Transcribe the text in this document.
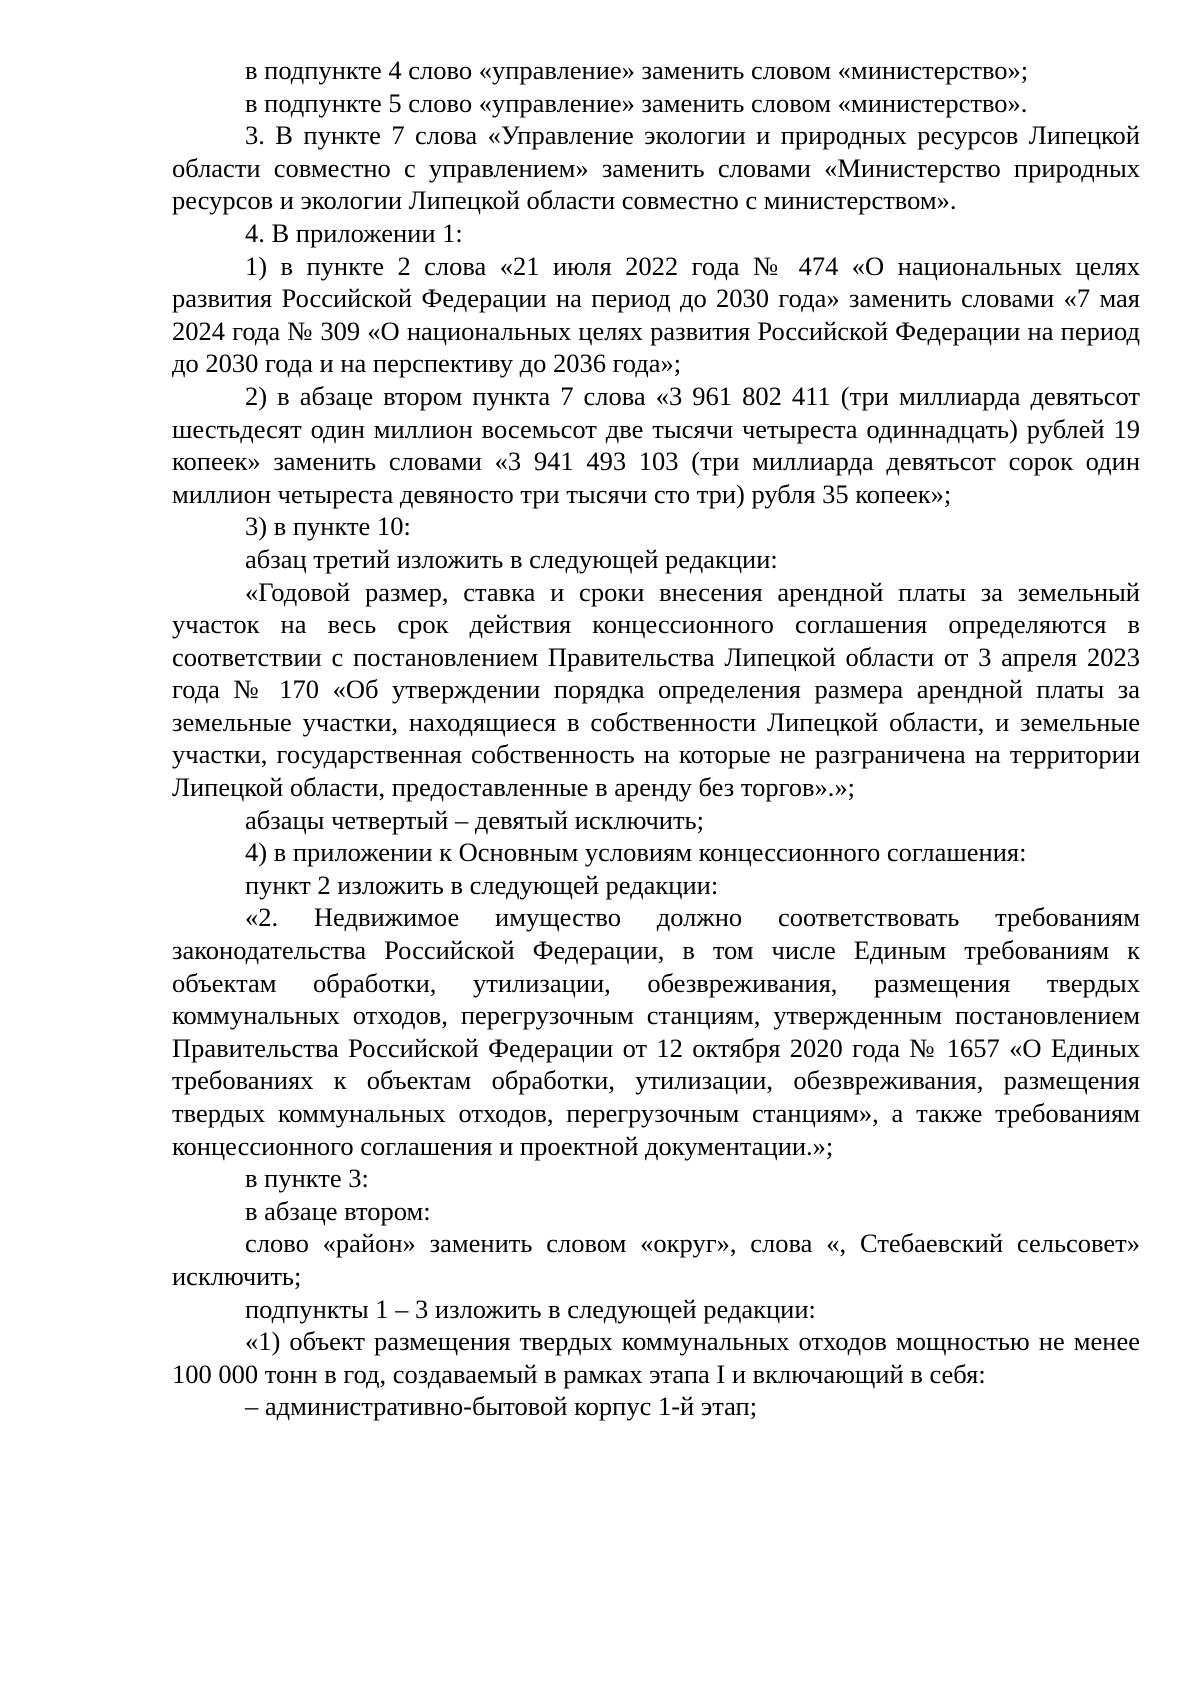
в подпункте 4 слово «управление» заменить словом «министерство»;

в подпункте 5 слово «управление» заменить словом «министерство».

3. В пункте 7 слова «Управление экологии и природных ресурсов Липецкой области совместно с управлением» заменить словами «Министерство природных ресурсов и экологии Липецкой области совместно с министерством».

4. В приложении 1:

1) в пункте 2 слова «21 июля 2022 года № 474 «О национальных целях развития Российской Федерации на период до 2030 года» заменить словами «7 мая 2024 года № 309 «О национальных целях развития Российской Федерации на период до 2030 года и на перспективу до 2036 года»;

2) в абзаце втором пункта 7 слова «3 961 802 411 (три миллиарда девятьсот шестьдесят один миллион восемьсот две тысячи четыреста одиннадцать) рублей 19 копеек» заменить словами «3 941 493 103 (три миллиарда девятьсот сорок один миллион четыреста девяносто три тысячи сто три) рубля 35 копеек»;

3) в пункте 10:

абзац третий изложить в следующей редакции:

«Годовой размер, ставка и сроки внесения арендной платы за земельный участок на весь срок действия концессионного соглашения определяются в соответствии с постановлением Правительства Липецкой области от 3 апреля 2023 года № 170 «Об утверждении порядка определения размера арендной платы за земельные участки, находящиеся в собственности Липецкой области, и земельные участки, государственная собственность на которые не разграничена на территории Липецкой области, предоставленные в аренду без торгов».»;

абзацы четвертый – девятый исключить;

4) в приложении к Основным условиям концессионного соглашения:

пункт 2 изложить в следующей редакции:

«2. Недвижимое имущество должно соответствовать требованиям законодательства Российской Федерации, в том числе Единым требованиям к объектам обработки, утилизации, обезвреживания, размещения твердых коммунальных отходов, перегрузочным станциям, утвержденным постановлением Правительства Российской Федерации от 12 октября 2020 года № 1657 «О Единых требованиях к объектам обработки, утилизации, обезвреживания, размещения твердых коммунальных отходов, перегрузочным станциям», а также требованиям концессионного соглашения и проектной документации.»;

в пункте 3:

в абзаце втором:

слово «район» заменить словом «округ», слова «, Стебаевский сельсовет» исключить;

подпункты 1 – 3 изложить в следующей редакции:

«1) объект размещения твердых коммунальных отходов мощностью не менее 100 000 тонн в год, создаваемый в рамках этапа I и включающий в себя:

– административно-бытовой корпус 1-й этап;
